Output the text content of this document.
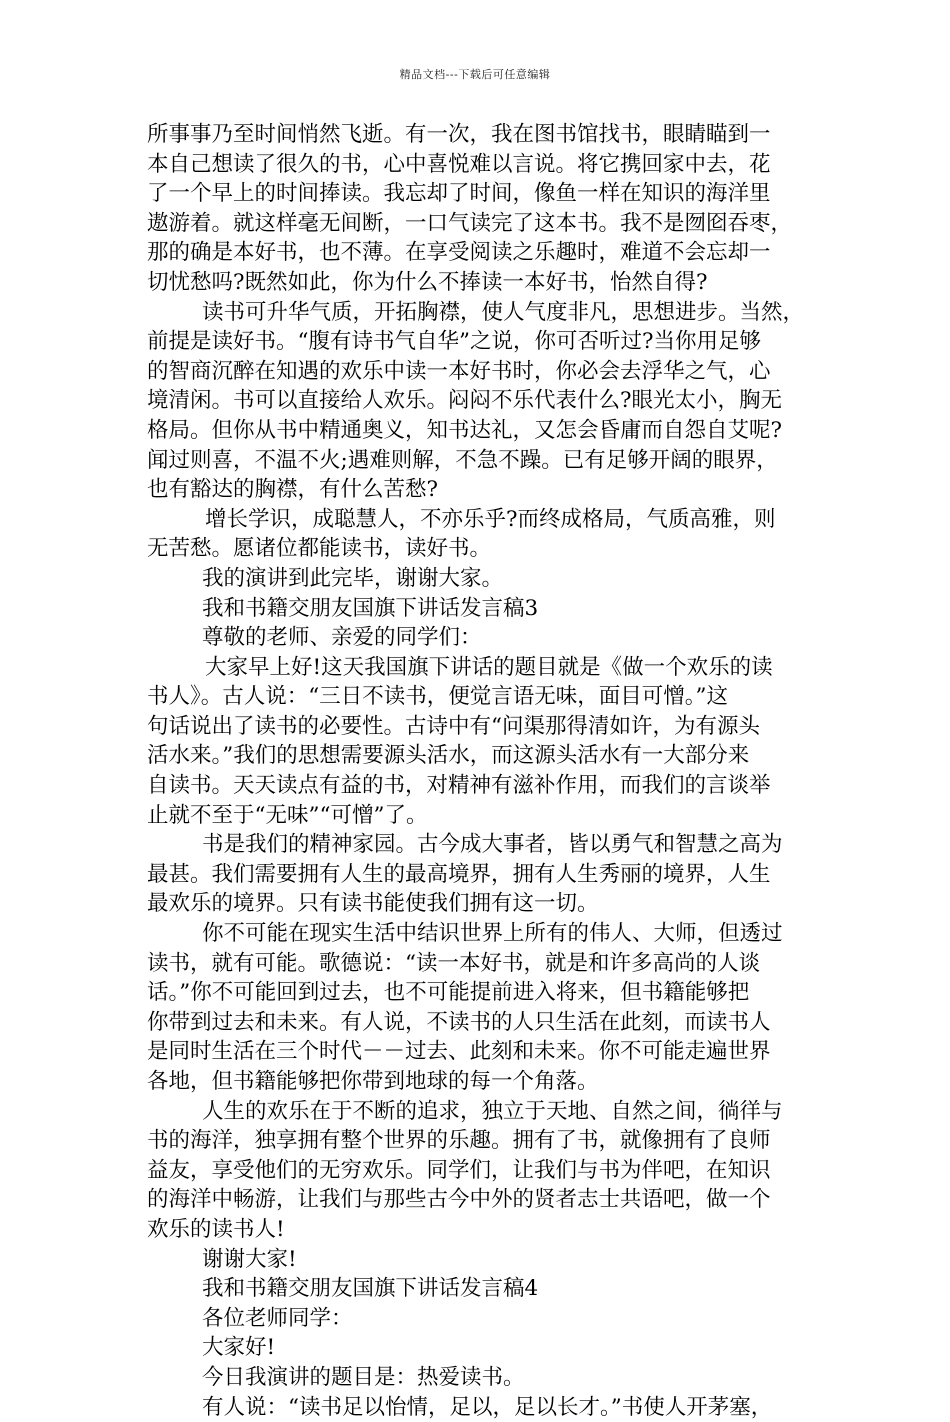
精品文档---下载后可任意编辑
所事事乃至时间悄然飞逝。有一次，我在图书馆找书，眼睛瞄到一
本自己想读了很久的书，心中喜悦难以言说。将它携回家中去，花
了一个早上的时间捧读。我忘却了时间，像鱼一样在知识的海洋里
遨游着。就这样毫无间断，一口气读完了这本书。我不是囫囵吞枣，
那的确是本好书，也不薄。在享受阅读之乐趣时，难道不会忘却一
切忧愁吗?既然如此，你为什么不捧读一本好书，怡然自得?
读书可升华气质，开拓胸襟，使人气度非凡，思想进步。当然，
前提是读好书。“腹有诗书气自华”之说，你可否听过?当你用足够
的智商沉醉在知遇的欢乐中读一本好书时，你必会去浮华之气，心
境清闲。书可以直接给人欢乐。闷闷不乐代表什么?眼光太小，胸无
格局。但你从书中精通奥义，知书达礼，又怎会昏庸而自怨自艾呢?
闻过则喜，不温不火;遇难则解，不急不躁。已有足够开阔的眼界，
也有豁达的胸襟，有什么苦愁?
增长学识，成聪慧人，不亦乐乎?而终成格局，气质高雅，则
无苦愁。愿诸位都能读书，读好书。
我的演讲到此完毕，谢谢大家。
我和书籍交朋友国旗下讲话发言稿3
尊敬的老师、亲爱的同学们：
大家早上好!这天我国旗下讲话的题目就是《做一个欢乐的读
书人》。古人说：“三日不读书，便觉言语无味，面目可憎。”这
句话说出了读书的必要性。古诗中有“问渠那得清如许，为有源头
活水来。”我们的思想需要源头活水，而这源头活水有一大部分来
自读书。天天读点有益的书，对精神有滋补作用，而我们的言谈举
止就不至于“无味”“可憎”了。
书是我们的精神家园。古今成大事者，皆以勇气和智慧之高为
最甚。我们需要拥有人生的最高境界，拥有人生秀丽的境界，人生
最欢乐的境界。只有读书能使我们拥有这一切。
你不可能在现实生活中结识世界上所有的伟人、大师，但透过
读书，就有可能。歌德说：“读一本好书，就是和许多高尚的人谈
话。”你不可能回到过去，也不可能提前进入将来，但书籍能够把
你带到过去和未来。有人说，不读书的人只生活在此刻，而读书人
是同时生活在三个时代－－过去、此刻和未来。你不可能走遍世界
各地，但书籍能够把你带到地球的每一个角落。
人生的欢乐在于不断的追求，独立于天地、自然之间，徜徉与
书的海洋，独享拥有整个世界的乐趣。拥有了书，就像拥有了良师
益友，享受他们的无穷欢乐。同学们，让我们与书为伴吧，在知识
的海洋中畅游，让我们与那些古今中外的贤者志士共语吧，做一个
欢乐的读书人!
谢谢大家!
我和书籍交朋友国旗下讲话发言稿4
各位老师同学：
大家好!
今日我演讲的题目是：热爱读书。
有人说：“读书足以怡情，足以，足以长才。”书使人开茅塞，
